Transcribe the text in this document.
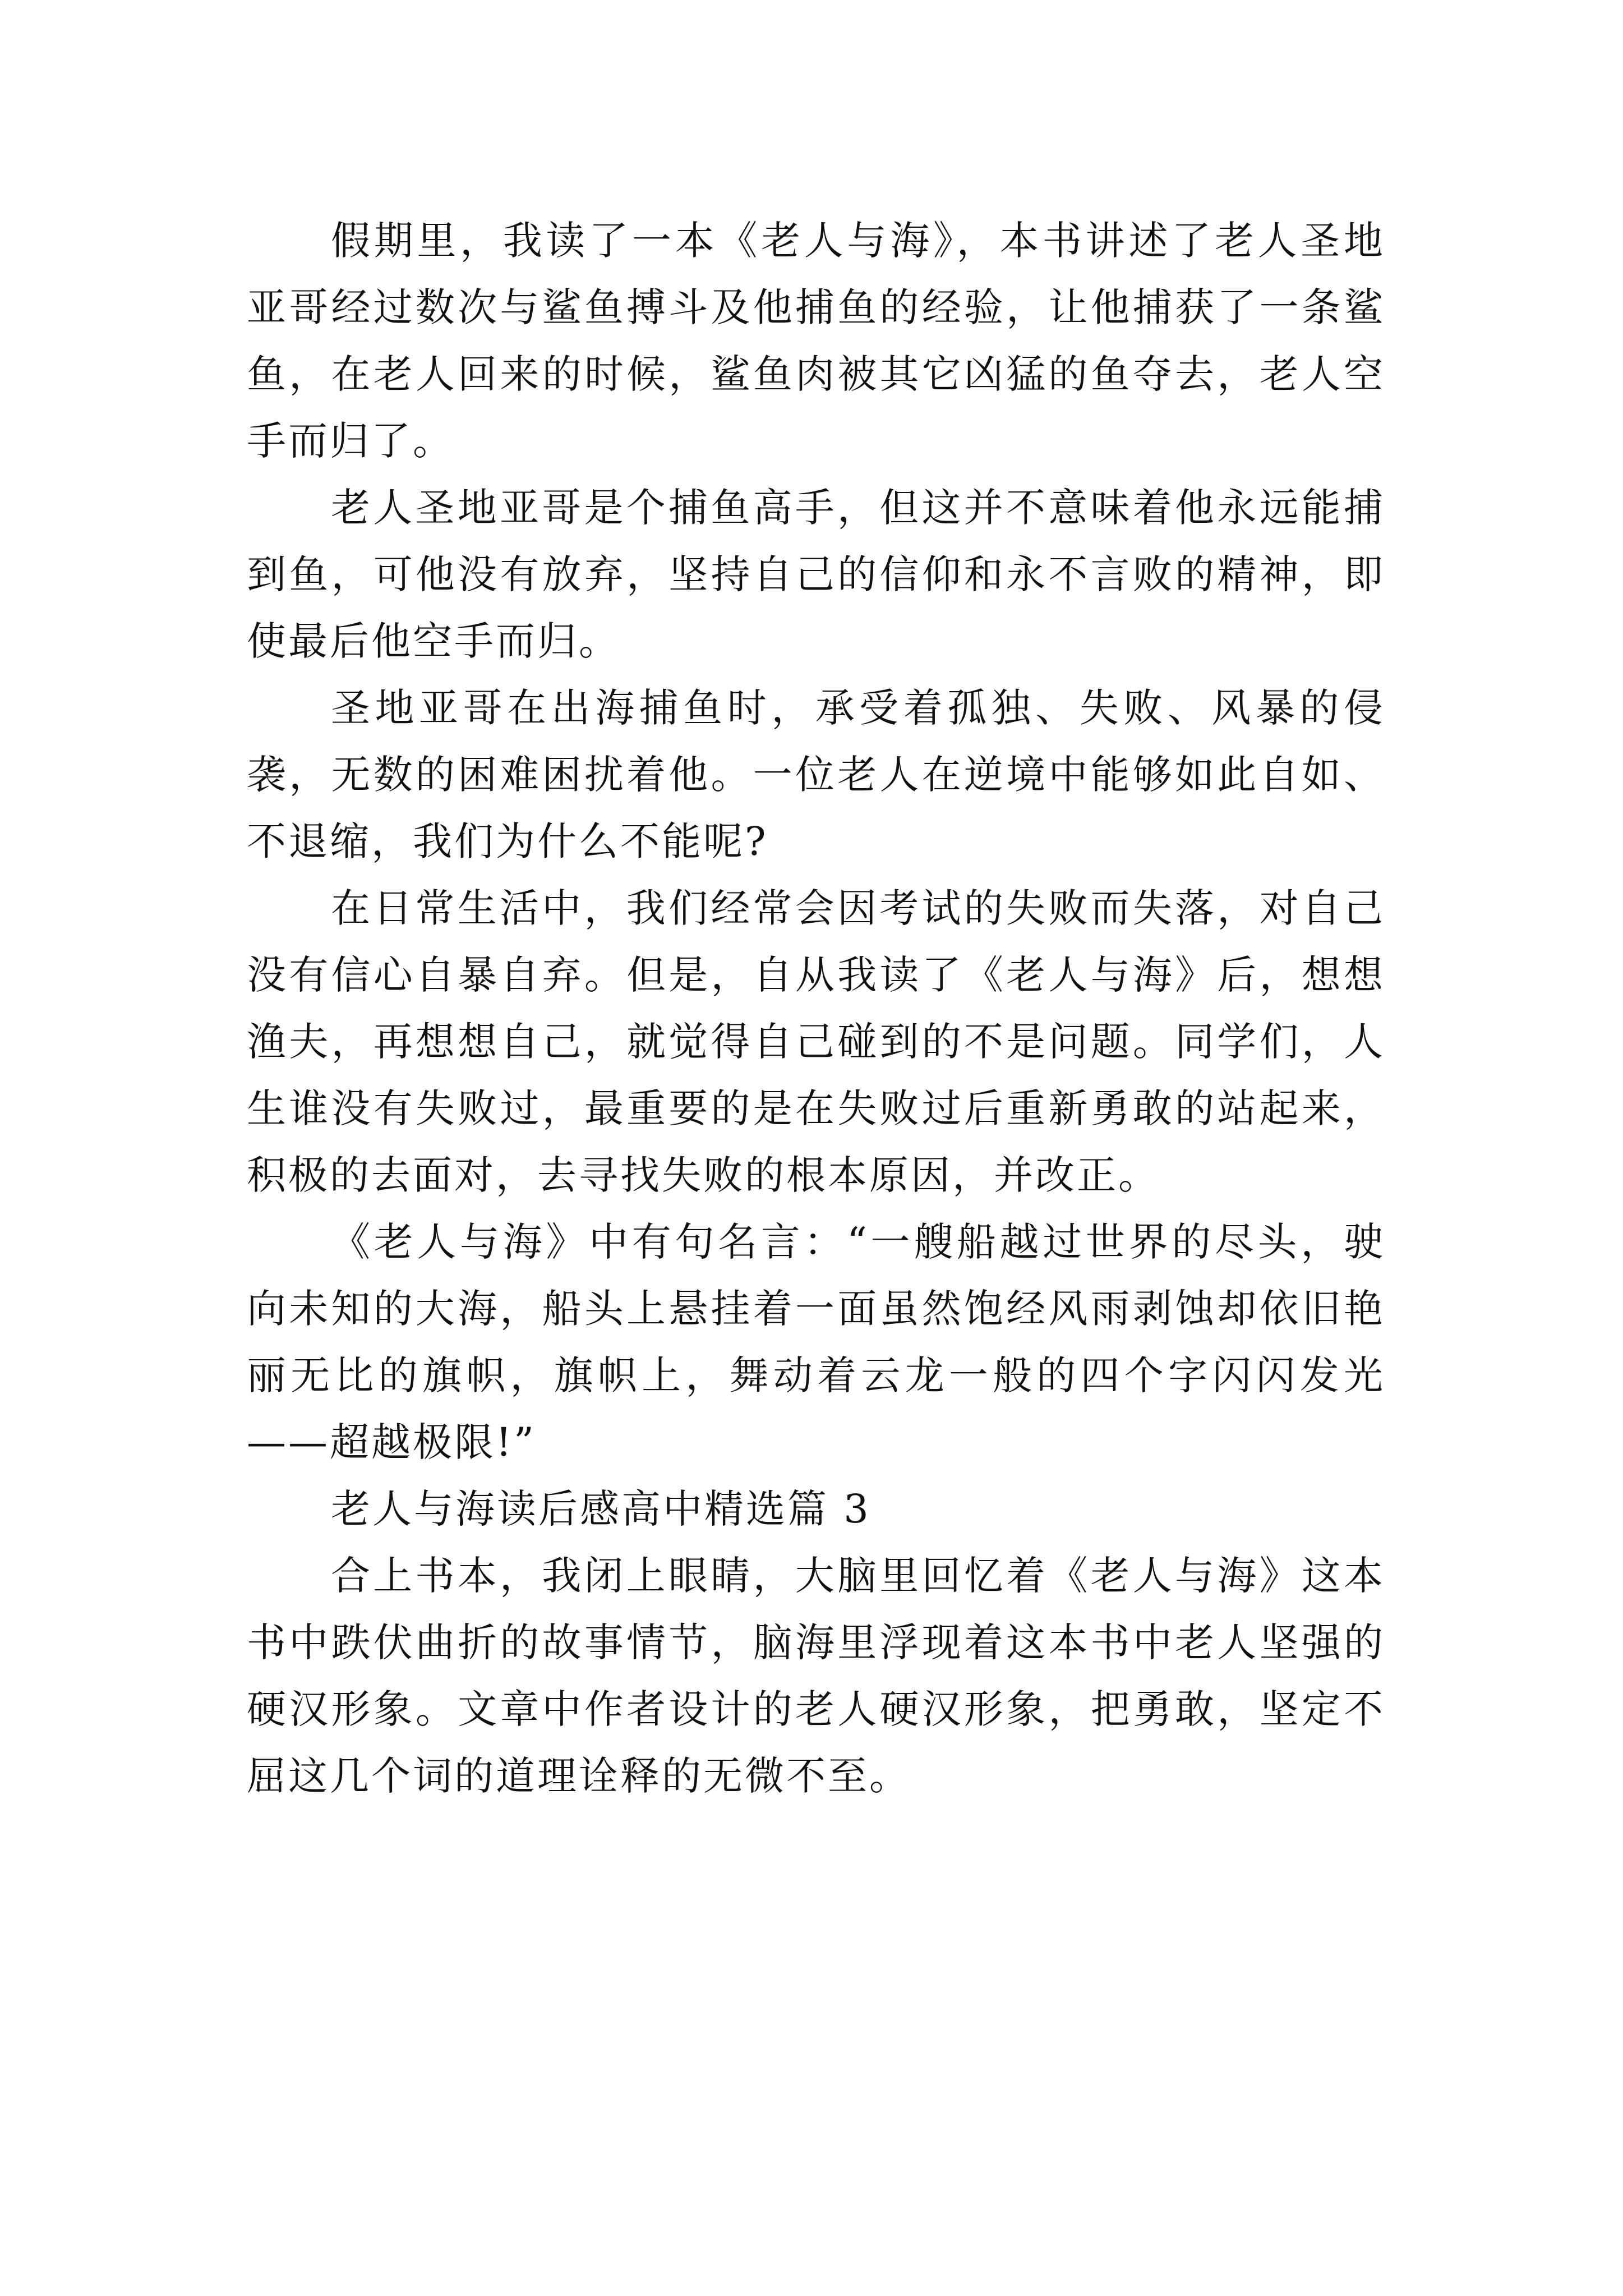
假期里，我读了一本《老人与海》，本书讲述了老人圣地亚哥经过数次与鲨鱼搏斗及他捕鱼的经验，让他捕获了一条鲨鱼，在老人回来的时候，鲨鱼肉被其它凶猛的鱼夺去，老人空手而归了。

老人圣地亚哥是个捕鱼高手，但这并不意味着他永远能捕到鱼，可他没有放弃，坚持自己的信仰和永不言败的精神，即使最后他空手而归。

圣地亚哥在出海捕鱼时，承受着孤独、失败、风暴的侵袭，无数的困难困扰着他。一位老人在逆境中能够如此自如、不退缩，我们为什么不能呢?

在日常生活中，我们经常会因考试的失败而失落，对自己没有信心自暴自弃。但是，自从我读了《老人与海》后，想想渔夫，再想想自己，就觉得自己碰到的不是问题。同学们，人生谁没有失败过，最重要的是在失败过后重新勇敢的站起来，积极的去面对，去寻找失败的根本原因，并改正。

《老人与海》中有句名言：“一艘船越过世界的尽头，驶向未知的大海，船头上悬挂着一面虽然饱经风雨剥蚀却依旧艳丽无比的旗帜，旗帜上，舞动着云龙一般的四个字闪闪发光——超越极限!”

老人与海读后感高中精选篇 3

合上书本，我闭上眼睛，大脑里回忆着《老人与海》这本书中跌伏曲折的故事情节，脑海里浮现着这本书中老人坚强的硬汉形象。文章中作者设计的老人硬汉形象，把勇敢，坚定不屈这几个词的道理诠释的无微不至。
